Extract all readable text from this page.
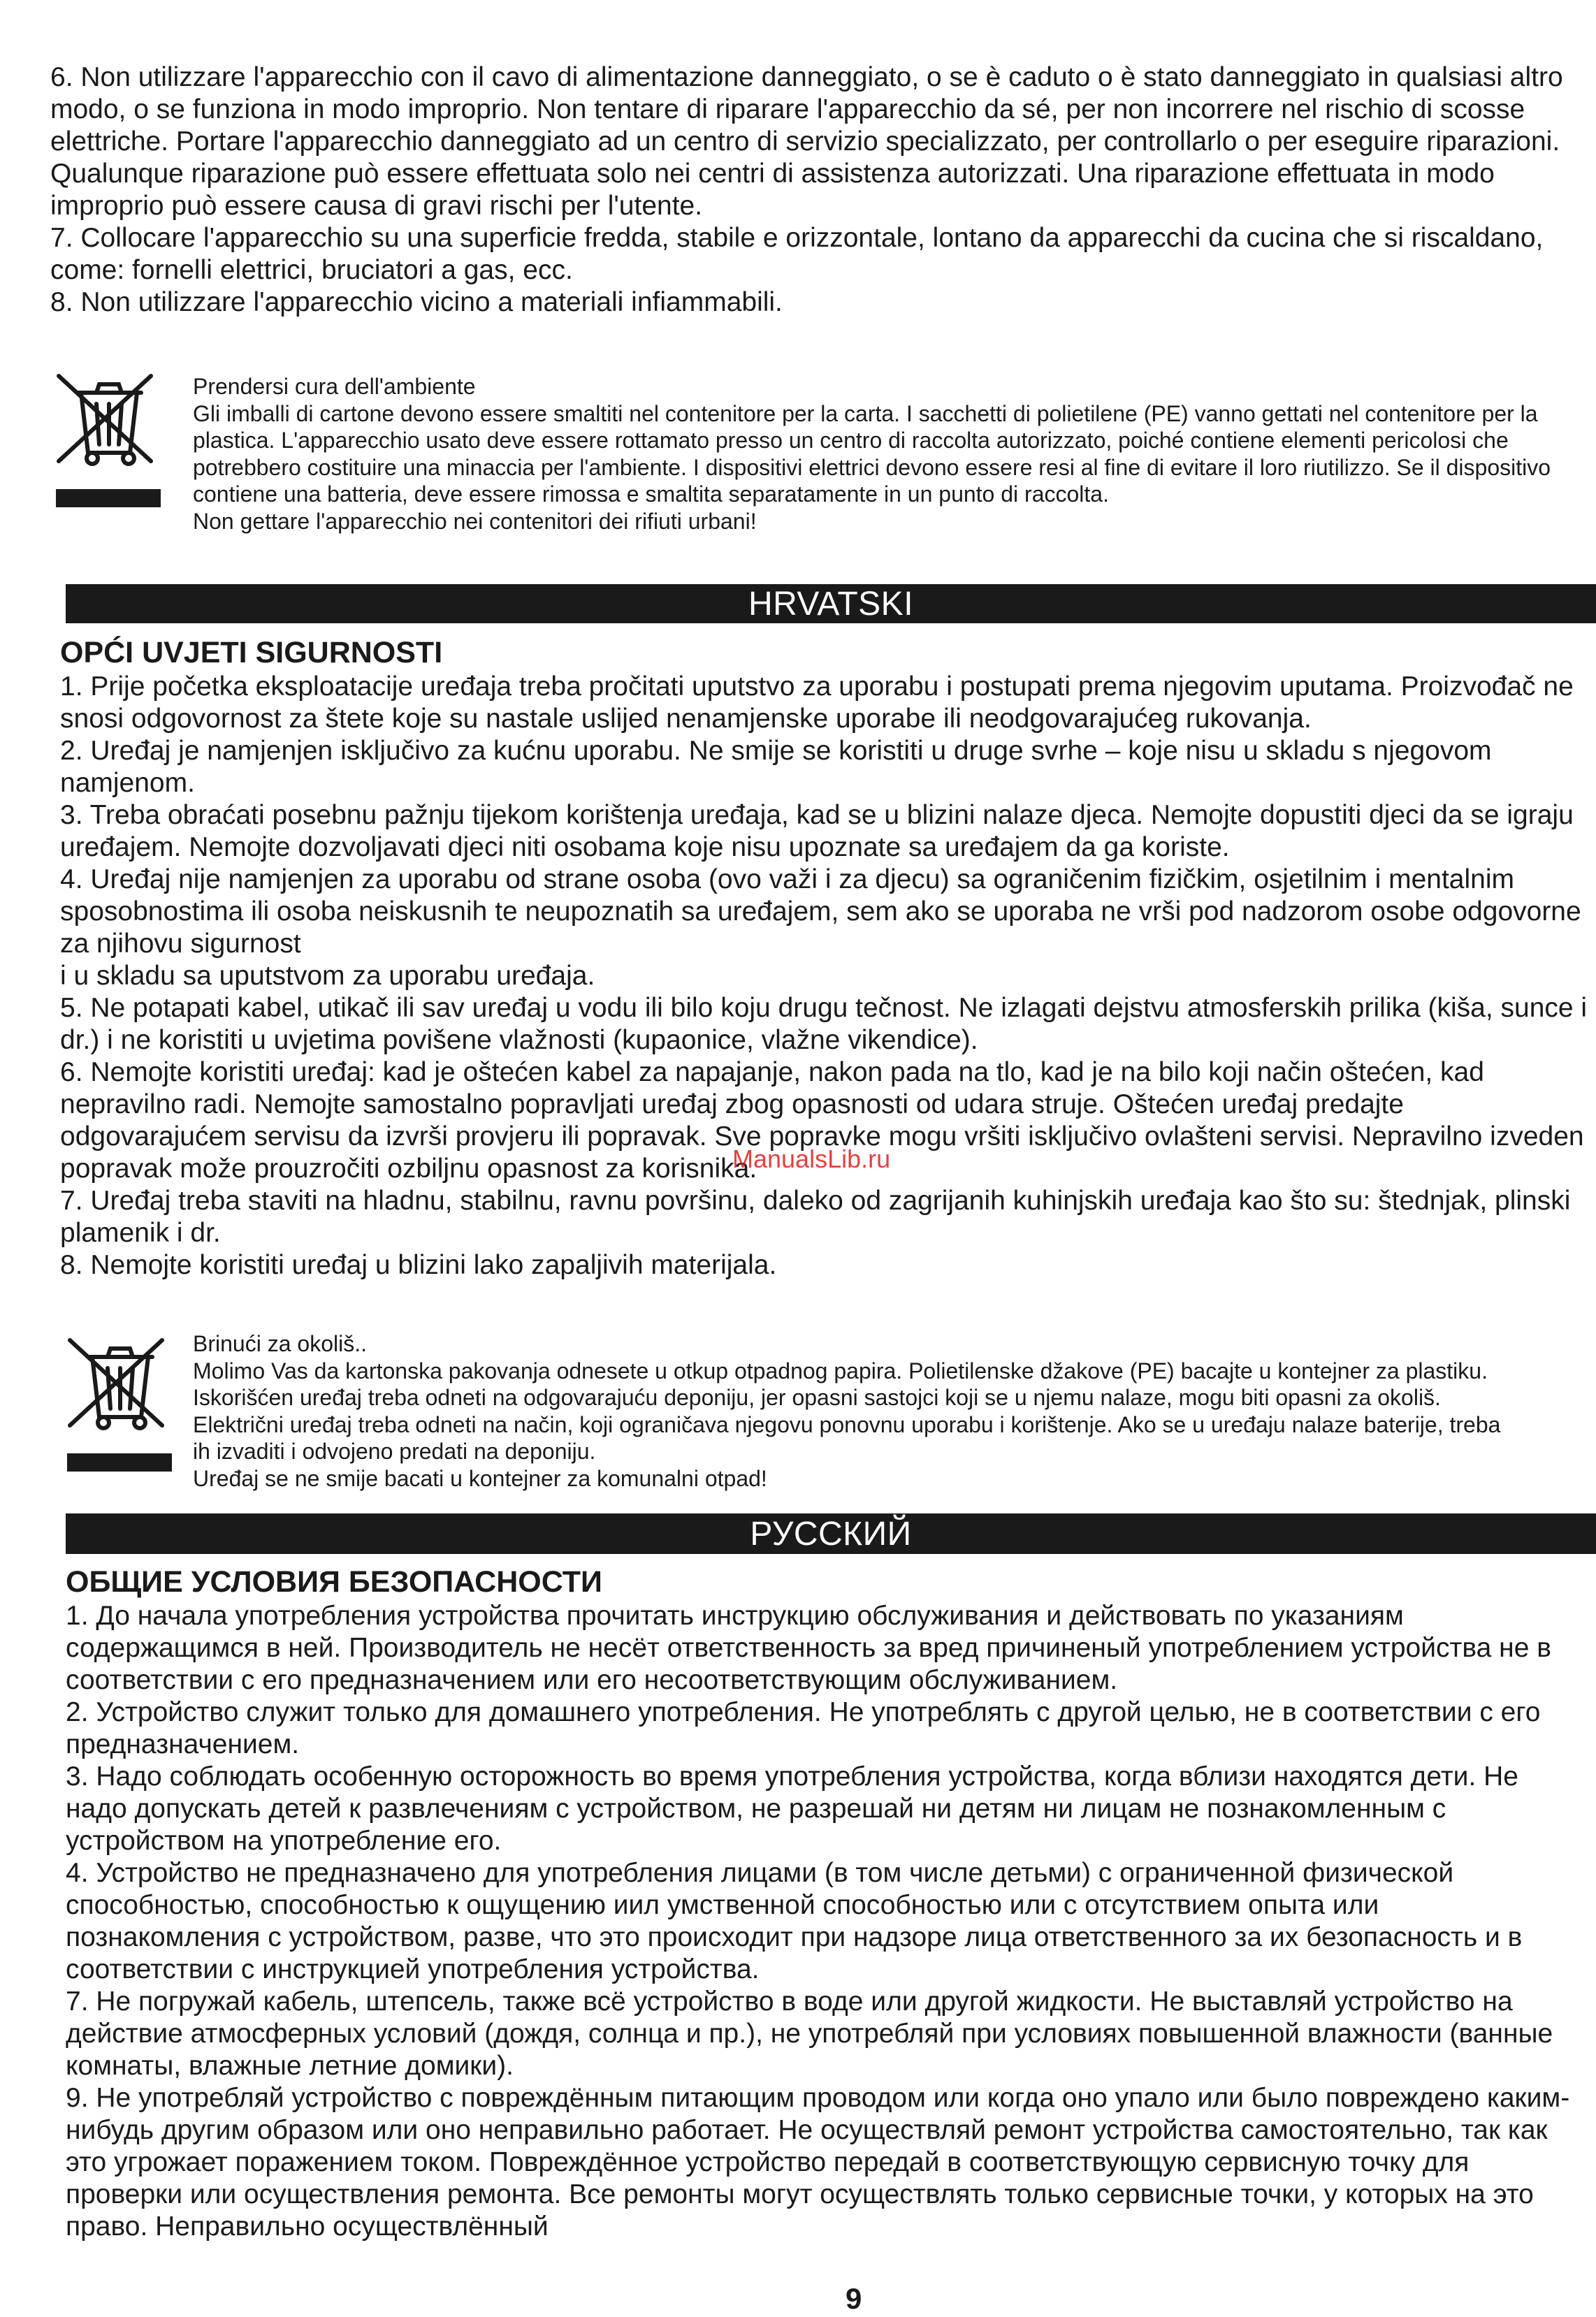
6. Non utilizzare l'apparecchio con il cavo di alimentazione danneggiato, o se è caduto o è stato danneggiato in qualsiasi altro modo, o se funziona in modo improprio. Non tentare di riparare l'apparecchio da sé, per non incorrere nel rischio di scosse elettriche. Portare l'apparecchio danneggiato ad un centro di servizio specializzato, per controllarlo o per eseguire riparazioni. Qualunque riparazione può essere effettuata solo nei centri di assistenza autorizzati. Una riparazione effettuata in modo improprio può essere causa di gravi rischi per l'utente.

7. Collocare l'apparecchio su una superficie fredda, stabile e orizzontale, lontano da apparecchi da cucina che si riscaldano, come: fornelli elettrici, bruciatori a gas, ecc.

8. Non utilizzare l'apparecchio vicino a materiali infiammabili.

Prendersi cura dell'ambiente

Gli imballi di cartone devono essere smaltiti nel contenitore per la carta. I sacchetti di polietilene (PE) vanno gettati nel contenitore per la plastica. L'apparecchio usato deve essere rottamato presso un centro di raccolta autorizzato, poiché contiene elementi pericolosi che potrebbero costituire una minaccia per l'ambiente. I dispositivi elettrici devono essere resi al fine di evitare il loro riutilizzo. Se il dispositivo contiene una batteria, deve essere rimossa e smaltita separatamente in un punto di raccolta.

Non gettare l'apparecchio nei contenitori dei rifiuti urbani!

HRVATSKI
OPĆI UVJETI SIGURNOSTI

1. Prije početka eksploatacije uređaja treba pročitati uputstvo za uporabu i postupati prema njegovim uputama. Proizvođač ne snosi odgovornost za štete koje su nastale uslijed nenamjenske uporabe ili neodgovarajućeg rukovanja.

2. Uređaj je namjenjen isključivo za kućnu uporabu. Ne smije se koristiti u druge svrhe – koje nisu u skladu s njegovom namjenom.

3. Treba obraćati posebnu pažnju tijekom korištenja uređaja, kad se u blizini nalaze djeca. Nemojte dopustiti djeci da se igraju uređajem. Nemojte dozvoljavati djeci niti osobama koje nisu upoznate sa uređajem da ga koriste.

4. Uređaj nije namjenjen za uporabu od strane osoba (ovo važi i za djecu) sa ograničenim fizičkim, osjetilnim i mentalnim sposobnostima ili osoba neiskusnih te neupoznatih sa uređajem, sem ako se uporaba ne vrši pod nadzorom osobe odgovorne za njihovu sigurnost

i u skladu sa uputstvom za uporabu uređaja.

5. Ne potapati kabel, utikač ili sav uređaj u vodu ili bilo koju drugu tečnost. Ne izlagati dejstvu atmosferskih prilika (kiša, sunce i dr.) i ne koristiti u uvjetima povišene vlažnosti (kupaonice, vlažne vikendice).

6. Nemojte koristiti uređaj: kad je oštećen kabel za napajanje, nakon pada na tlo, kad je na bilo koji način oštećen, kad nepravilno radi. Nemojte samostalno popravljati uređaj zbog opasnosti od udara struje. Oštećen uređaj predajte odgovarajućem servisu da izvrši provjeru ili popravak. Sve popravke mogu vršiti isključivo ovlašteni servisi. Nepravilno izveden popravak može prouzročiti ozbiljnu opasnost za korisnika.

7. Uređaj treba staviti na hladnu, stabilnu, ravnu površinu, daleko od zagrijanih kuhinjskih uređaja kao što su: štednjak, plinski plamenik i dr.

8. Nemojte koristiti uređaj u blizini lako zapaljivih materijala.

ManualsLib.ru

Brinući za okoliš..

Molimo Vas da kartonska pakovanja odnesete u otkup otpadnog papira. Polietilenske džakove (PE) bacajte u kontejner za plastiku. Iskorišćen uređaj treba odneti na odgovarajuću deponiju, jer opasni sastojci koji se u njemu nalaze, mogu biti opasni za okoliš. Električni uređaj treba odneti na način, koji ograničava njegovu ponovnu uporabu i korištenje. Ako se u uređaju nalaze baterije, treba ih izvaditi i odvojeno predati na deponiju.

Uređaj se ne smije bacati u kontejner za komunalni otpad!

РУССКИЙ
ОБЩИЕ УСЛОВИЯ БЕЗОПАСНОСТИ

1. До начала употребления устройства прочитать инструкцию обслуживания и действовать по указаниям содержащимся в ней. Производитель не несёт ответственность за вред причиненый употреблением устройства не в соответствии с его предназначением или его несоответствующим обслуживанием.

2. Устройство служит только для домашнего употребления. Не употреблять с другой целью, не в соответствии с его предназначением.

3. Надо соблюдать особенную осторожность во время употребления устройства, когда вблизи находятся дети. Не надо допускать детей к развлечениям с устройством, не разрешай ни детям ни лицам не познакомленным с устройством на употребление его.

4. Устройство не предназначено для употребления лицами (в том числе детьми) с ограниченной физической способностью, способностью к ощущению иил умственной способностью или с отсутствием опыта или познакомления с устройством, разве, что это происходит при надзоре лица ответственного за их безопасность и в соответствии с инструкцией употребления устройства.

7. Не погружай кабель, штепсель, также всё устройство в воде или другой жидкости. Не выставляй устройство на действие атмосферных условий (дождя, солнца и пр.), не употребляй при условиях повышенной влажности (ванные комнаты, влажные летние домики).

9. Не употребляй устройство с повреждённым питающим проводом или когда оно упало или было повреждено каким-нибудь другим образом или оно неправильно работает. Не осуществляй ремонт устройства самостоятельно, так как это угрожает поражением током. Повреждённое устройство передай в соответствующую сервисную точку для проверки или осуществления ремонта. Все ремонты могут осуществлять только сервисные точки, у которых на это право. Неправильно осуществлённый

9
